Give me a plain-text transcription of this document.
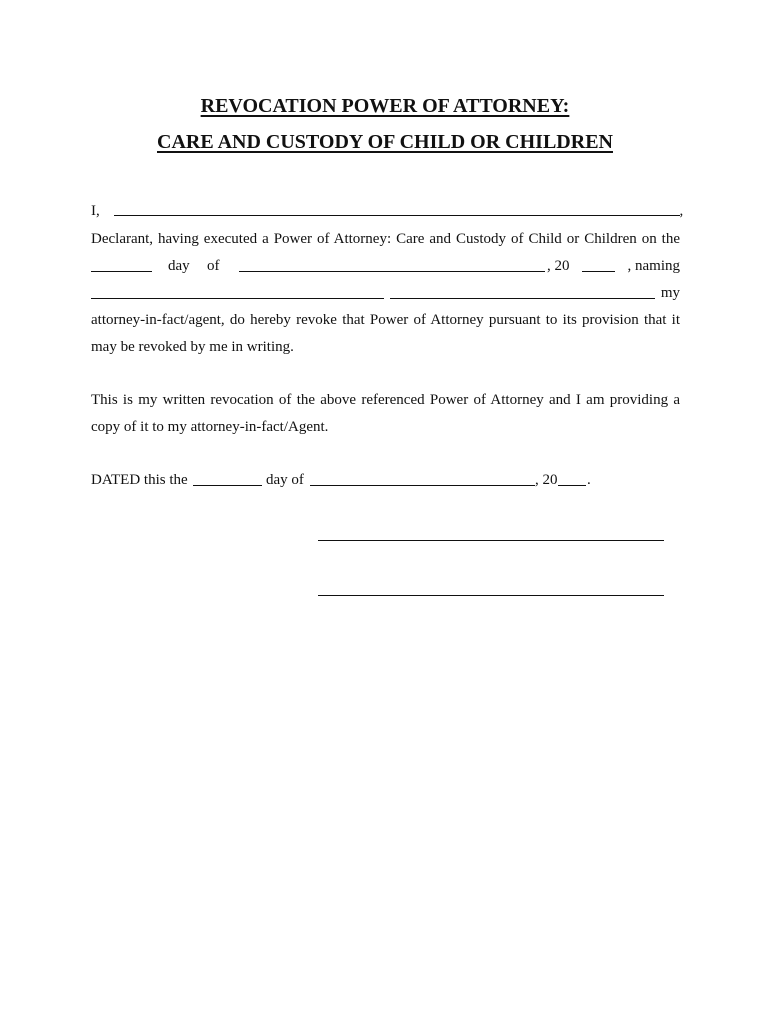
REVOCATION POWER OF ATTORNEY:
CARE AND CUSTODY OF CHILD OR CHILDREN
I,	,
Declarant, having executed a Power of Attorney: Care and Custody of Child or Children on the
day of	, 20	, naming
my
attorney-in-fact/agent, do hereby revoke that Power of Attorney pursuant to its provision that it
may be revoked by me in writing.
This is my written revocation of the above referenced Power of Attorney and I am providing a
copy of it to my attorney-in-fact/Agent.
DATED this the	day of	, 20 .
